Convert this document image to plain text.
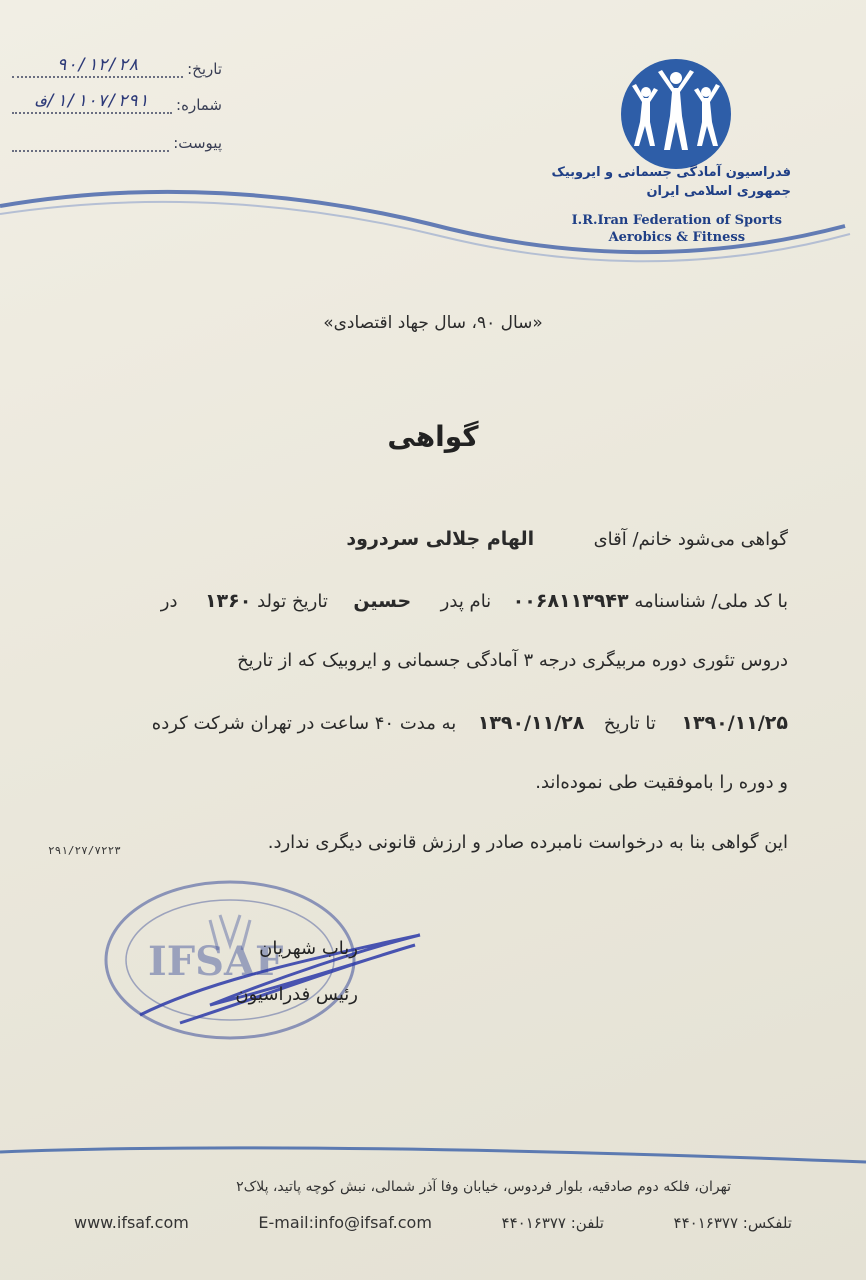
تاریخ:
۹۰/۱۲/۲۸
شماره:
۱/۱۰۷/۲۹۱/ف
پیوست:
فدراسیون آمادگی جسمانی و ایروبیک
جمهوری اسلامی ایران
I.R.Iran Federation of Sports
Aerobics & Fitness
«سال ۹۰، سال جهاد اقتصادی»
گواهی
گواهی می‌شود خانم/ آقای  الهام جلالی سردرود
با کد ملی/ شناسنامه ۰۰۶۸۱۱۳۹۴۳  نام پدر  حسین  تاریخ تولد ۱۳۶۰  در
دروس تئوری دوره مربیگری درجه ۳ آمادگی جسمانی و ایروبیک که از تاریخ
۱۳۹۰/۱۱/۲۵  تا تاریخ  ۱۳۹۰/۱۱/۲۸  به مدت ۴۰ ساعت در تهران شرکت کرده
و دوره را باموفقیت طی نموده‌اند.
این گواهی بنا به درخواست نامبرده صادر و ارزش قانونی دیگری ندارد.
۲۹۱/۲۷/۷۲۲۳
IFSAF
رباب شهریان
رئیس فدراسیون
تهران، فلکه دوم صادقیه، بلوار فردوس، خیابان وفا آذر شمالی، نبش کوچه پاتید، پلاک۲
www.ifsaf.com	E-mail:info@ifsaf.com	تلفن: ۴۴۰۱۶۳۷۷	تلفکس: ۴۴۰۱۶۳۷۷
